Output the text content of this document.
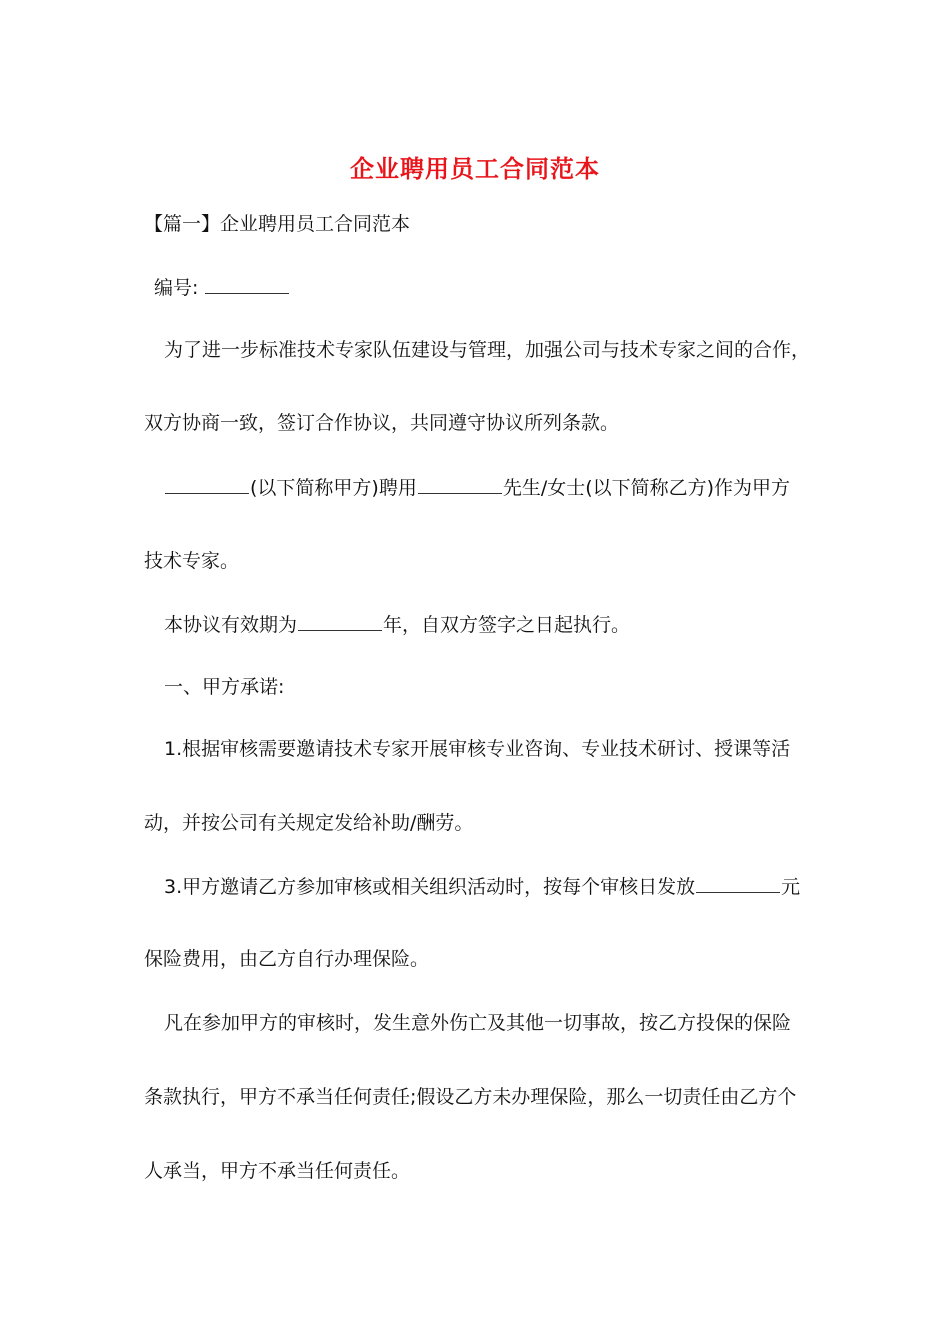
企业聘用员工合同范本
【篇一】企业聘用员工合同范本
编号:
为了进一步标准技术专家队伍建设与管理，加强公司与技术专家之间的合作，
双方协商一致，签订合作协议，共同遵守协议所列条款。
(以下简称甲方)聘用	先生/女士(以下简称乙方)作为甲方
技术专家。
本协议有效期为	年，自双方签字之日起执行。
一、甲方承诺:
1.根据审核需要邀请技术专家开展审核专业咨询、专业技术研讨、授课等活
动，并按公司有关规定发给补助/酬劳。
3.甲方邀请乙方参加审核或相关组织活动时，按每个审核日发放	元
保险费用，由乙方自行办理保险。
凡在参加甲方的审核时，发生意外伤亡及其他一切事故，按乙方投保的保险
条款执行，甲方不承当任何责任;假设乙方未办理保险，那么一切责任由乙方个
人承当，甲方不承当任何责任。
